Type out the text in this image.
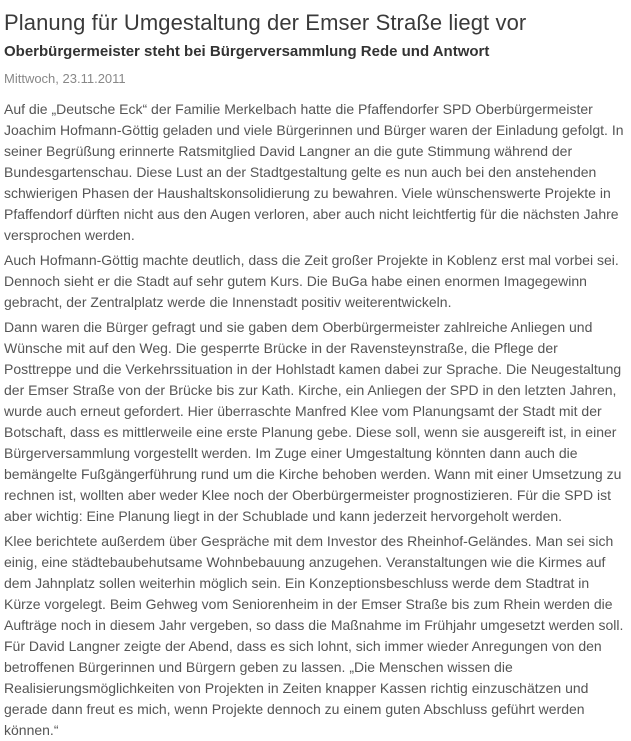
Planung für Umgestaltung der Emser Straße liegt vor
Oberbürgermeister steht bei Bürgerversammlung Rede und Antwort
Mittwoch, 23.11.2011

Auf die „Deutsche Eck“ der Familie Merkelbach hatte die Pfaffendorfer SPD Oberbürgermeister Joachim Hofmann-Göttig geladen und viele Bürgerinnen und Bürger waren der Einladung gefolgt. In seiner Begrüßung erinnerte Ratsmitglied David Langner an die gute Stimmung während der Bundesgartenschau. Diese Lust an der Stadtgestaltung gelte es nun auch bei den anstehenden schwierigen Phasen der Haushaltskonsolidierung zu bewahren. Viele wünschenswerte Projekte in Pfaffendorf dürften nicht aus den Augen verloren, aber auch nicht leichtfertig für die nächsten Jahre versprochen werden.

Auch Hofmann-Göttig machte deutlich, dass die Zeit großer Projekte in Koblenz erst mal vorbei sei. Dennoch sieht er die Stadt auf sehr gutem Kurs. Die BuGa habe einen enormen Imagegewinn gebracht, der Zentralplatz werde die Innenstadt positiv weiterentwickeln.

Dann waren die Bürger gefragt und sie gaben dem Oberbürgermeister zahlreiche Anliegen und Wünsche mit auf den Weg. Die gesperrte Brücke in der Ravensteynstraße, die Pflege der Posttreppe und die Verkehrssituation in der Hohlstadt kamen dabei zur Sprache. Die Neugestaltung der Emser Straße von der Brücke bis zur Kath. Kirche, ein Anliegen der SPD in den letzten Jahren, wurde auch erneut gefordert. Hier überraschte Manfred Klee vom Planungsamt der Stadt mit der Botschaft, dass es mittlerweile eine erste Planung gebe. Diese soll, wenn sie ausgereift ist, in einer Bürgerversammlung vorgestellt werden. Im Zuge einer Umgestaltung könnten dann auch die bemängelte Fußgängerführung rund um die Kirche behoben werden. Wann mit einer Umsetzung zu rechnen ist, wollten aber weder Klee noch der Oberbürgermeister prognostizieren. Für die SPD ist aber wichtig: Eine Planung liegt in der Schublade und kann jederzeit hervorgeholt werden.

Klee berichtete außerdem über Gespräche mit dem Investor des Rheinhof-Geländes. Man sei sich einig, eine städtebaubehutsame Wohnbebauung anzugehen. Veranstaltungen wie die Kirmes auf dem Jahnplatz sollen weiterhin möglich sein. Ein Konzeptionsbeschluss werde dem Stadtrat in Kürze vorgelegt. Beim Gehweg vom Seniorenheim in der Emser Straße bis zum Rhein werden die Aufträge noch in diesem Jahr vergeben, so dass die Maßnahme im Frühjahr umgesetzt werden soll.

Für David Langner zeigte der Abend, dass es sich lohnt, sich immer wieder Anregungen von den betroffenen Bürgerinnen und Bürgern geben zu lassen. „Die Menschen wissen die Realisierungsmöglichkeiten von Projekten in Zeiten knapper Kassen richtig einzuschätzen und gerade dann freut es mich, wenn Projekte dennoch zu einem guten Abschluss geführt werden können.“
